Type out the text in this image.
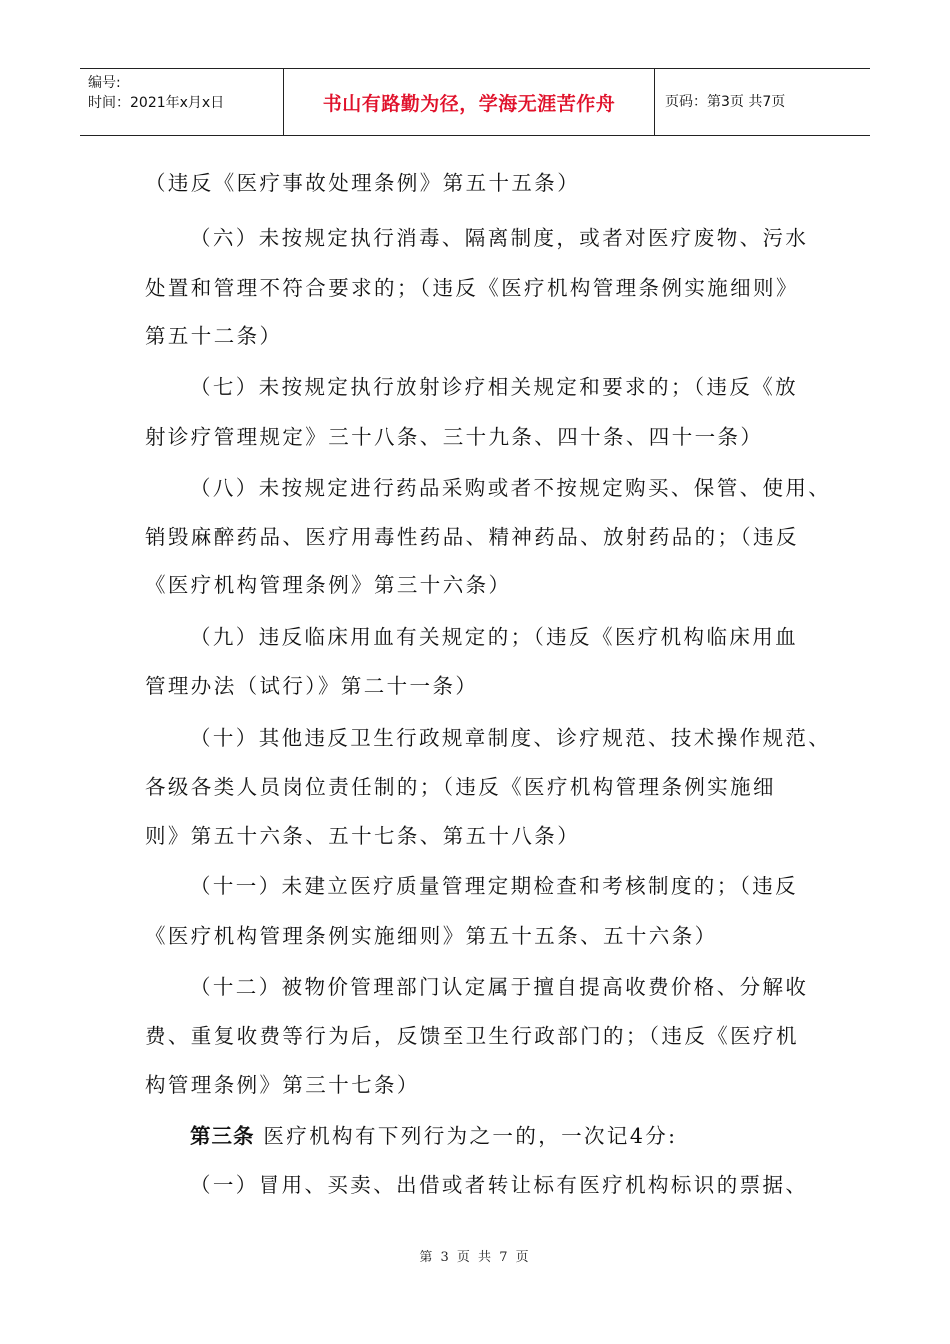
编号:
时间：2021年x月x日	书山有路勤为径，学海无涯苦作舟	页码：第3页 共7页
（违反《医疗事故处理条例》第五十五条）
（六）未按规定执行消毒、隔离制度，或者对医疗废物、污水
处置和管理不符合要求的；（违反《医疗机构管理条例实施细则》
第五十二条）
（七）未按规定执行放射诊疗相关规定和要求的；（违反《放
射诊疗管理规定》三十八条、三十九条、四十条、四十一条）
（八）未按规定进行药品采购或者不按规定购买、保管、使用、
销毁麻醉药品、医疗用毒性药品、精神药品、放射药品的；（违反
《医疗机构管理条例》第三十六条）
（九）违反临床用血有关规定的；（违反《医疗机构临床用血
管理办法（试行）》第二十一条）
（十）其他违反卫生行政规章制度、诊疗规范、技术操作规范、
各级各类人员岗位责任制的；（违反《医疗机构管理条例实施细
则》第五十六条、五十七条、第五十八条）
（十一）未建立医疗质量管理定期检查和考核制度的；（违反
《医疗机构管理条例实施细则》第五十五条、五十六条）
（十二）被物价管理部门认定属于擅自提高收费价格、分解收
费、重复收费等行为后，反馈至卫生行政部门的；（违反《医疗机
构管理条例》第三十七条）
第三条 医疗机构有下列行为之一的，一次记4分:
（一）冒用、买卖、出借或者转让标有医疗机构标识的票据、
第 3 页 共 7 页
